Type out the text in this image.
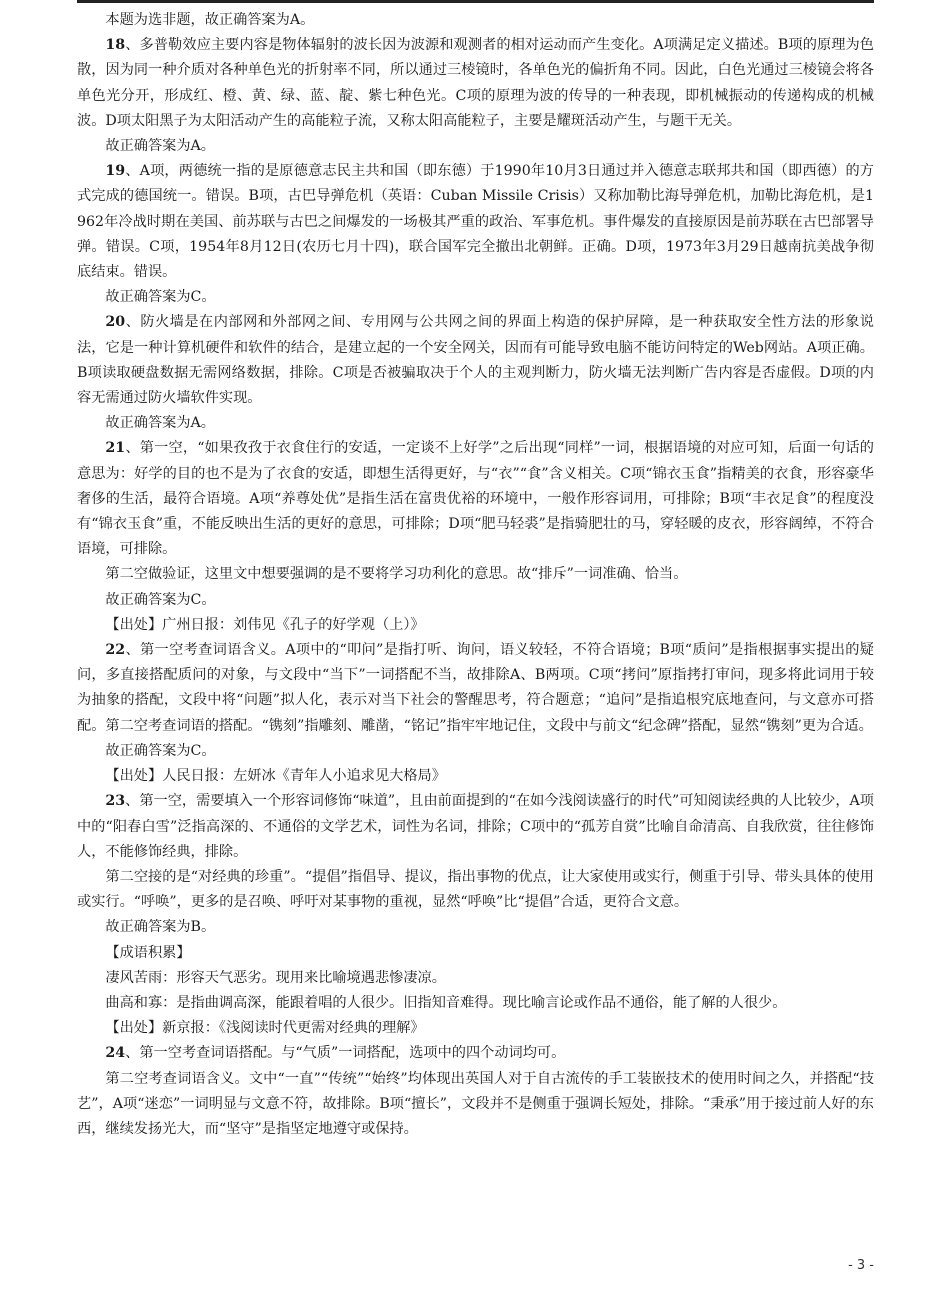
本题为选非题，故正确答案为A。

18、多普勒效应主要内容是物体辐射的波长因为波源和观测者的相对运动而产生变化。A项满足定义描述。B项的原理为色散，因为同一种介质对各种单色光的折射率不同，所以通过三棱镜时，各单色光的偏折角不同。因此，白色光通过三棱镜会将各单色光分开，形成红、橙、黄、绿、蓝、靛、紫七种色光。C项的原理为波的传导的一种表现，即机械振动的传递构成的机械波。D项太阳黑子为太阳活动产生的高能粒子流，又称太阳高能粒子，主要是耀斑活动产生，与题干无关。

故正确答案为A。

19、A项，两德统一指的是原德意志民主共和国（即东德）于1990年10月3日通过并入德意志联邦共和国（即西德）的方式完成的德国统一。错误。B项，古巴导弹危机（英语：Cuban Missile Crisis）又称加勒比海导弹危机，加勒比海危机，是1962年冷战时期在美国、前苏联与古巴之间爆发的一场极其严重的政治、军事危机。事件爆发的直接原因是前苏联在古巴部署导弹。错误。C项，1954年8月12日(农历七月十四)，联合国军完全撤出北朝鲜。正确。D项，1973年3月29日越南抗美战争彻底结束。错误。

故正确答案为C。

20、防火墙是在内部网和外部网之间、专用网与公共网之间的界面上构造的保护屏障，是一种获取安全性方法的形象说法，它是一种计算机硬件和软件的结合，是建立起的一个安全网关，因而有可能导致电脑不能访问特定的Web网站。A项正确。B项读取硬盘数据无需网络数据，排除。C项是否被骗取决于个人的主观判断力，防火墙无法判断广告内容是否虚假。D项的内容无需通过防火墙软件实现。

故正确答案为A。

21、第一空，“如果孜孜于衣食住行的安适，一定谈不上好学”之后出现“同样”一词，根据语境的对应可知，后面一句话的意思为：好学的目的也不是为了衣食的安适，即想生活得更好，与“衣”“食”含义相关。C项“锦衣玉食”指精美的衣食，形容豪华奢侈的生活，最符合语境。A项“养尊处优”是指生活在富贵优裕的环境中，一般作形容词用，可排除；B项“丰衣足食”的程度没有“锦衣玉食”重，不能反映出生活的更好的意思，可排除；D项“肥马轻裘”是指骑肥壮的马，穿轻暖的皮衣，形容阔绰，不符合语境，可排除。

第二空做验证，这里文中想要强调的是不要将学习功利化的意思。故“排斥”一词准确、恰当。

故正确答案为C。

【出处】广州日报：刘伟见《孔子的好学观（上）》

22、第一空考查词语含义。A项中的“叩问”是指打听、询问，语义较轻，不符合语境；B项“质问”是指根据事实提出的疑问，多直接搭配质问的对象，与文段中“当下”一词搭配不当，故排除A、B两项。C项“拷问”原指拷打审问，现多将此词用于较为抽象的搭配，文段中将“问题”拟人化，表示对当下社会的警醒思考，符合题意；“追问”是指追根究底地查问，与文意亦可搭配。第二空考查词语的搭配。“镌刻”指雕刻、雕凿，“铭记”指牢牢地记住，文段中与前文“纪念碑”搭配，显然“镌刻”更为合适。

故正确答案为C。

【出处】人民日报：左妍冰《青年人小追求见大格局》

23、第一空，需要填入一个形容词修饰“味道”，且由前面提到的“在如今浅阅读盛行的时代”可知阅读经典的人比较少，A项中的“阳春白雪”泛指高深的、不通俗的文学艺术，词性为名词，排除；C项中的“孤芳自赏”比喻自命清高、自我欣赏，往往修饰人，不能修饰经典，排除。

第二空接的是“对经典的珍重”。“提倡”指倡导、提议，指出事物的优点，让大家使用或实行，侧重于引导、带头具体的使用或实行。“呼唤”，更多的是召唤、呼吁对某事物的重视，显然“呼唤”比“提倡”合适，更符合文意。

故正确答案为B。

【成语积累】

凄风苦雨：形容天气恶劣。现用来比喻境遇悲惨凄凉。

曲高和寡：是指曲调高深，能跟着唱的人很少。旧指知音难得。现比喻言论或作品不通俗，能了解的人很少。

【出处】新京报：《浅阅读时代更需对经典的理解》

24、第一空考查词语搭配。与“气质”一词搭配，选项中的四个动词均可。

第二空考查词语含义。文中“一直”“传统”“始终”均体现出英国人对于自古流传的手工装嵌技术的使用时间之久，并搭配“技艺”，A项“迷恋”一词明显与文意不符，故排除。B项“擅长”，文段并不是侧重于强调长短处，排除。“秉承”用于接过前人好的东西，继续发扬光大，而“坚守”是指坚定地遵守或保持。

- 3 -
